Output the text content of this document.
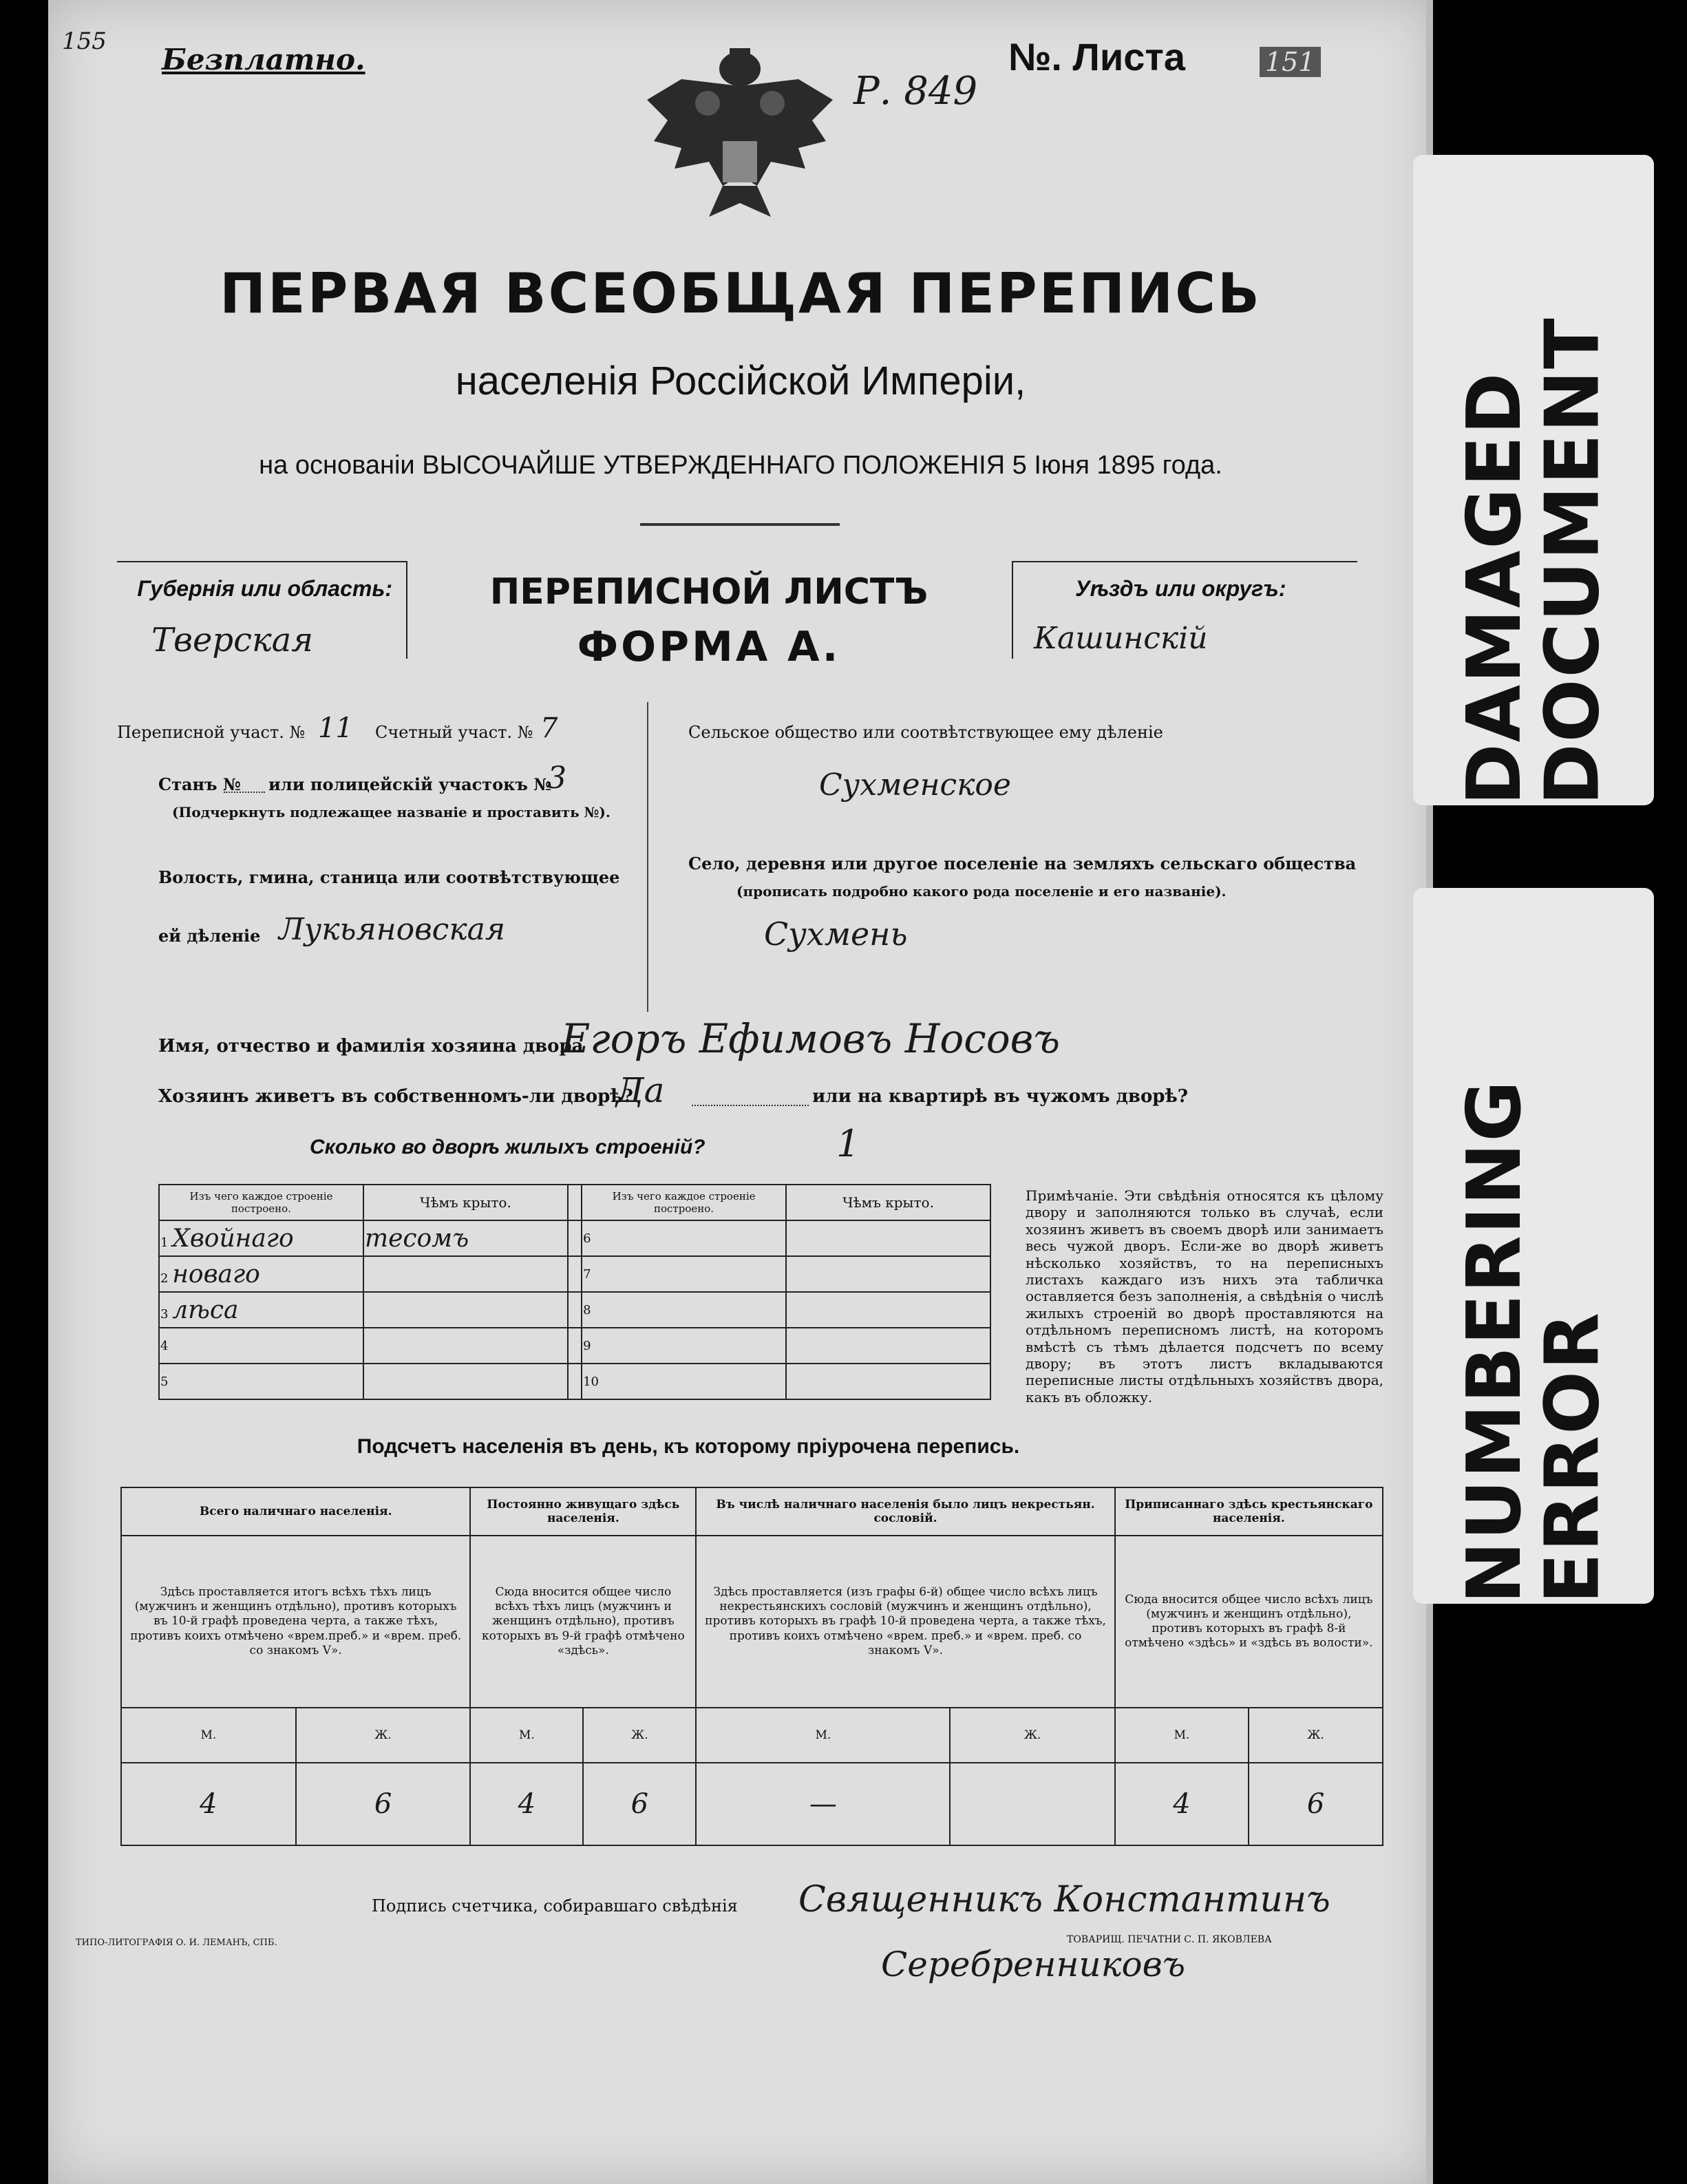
155
Безплатно.	№. Листа	151
Р. 849
ПЕРВАЯ ВСЕОБЩАЯ ПЕРЕПИСЬ
населенія Россійской Имперіи,
на основаніи ВЫСОЧАЙШЕ УТВЕРЖДЕННАГО ПОЛОЖЕНІЯ 5 Іюня 1895 года.
Губернія или область:
Тверская
ПЕРЕПИСНОЙ ЛИСТЪ
ФОРМА А.
Уѣздъ или округъ:
Кашинскій
Переписной участ. № 11 Счетный участ. № 7
Станъ № или полицейскій участокъ №
3
(Подчеркнуть подлежащее названіе и проставить №).
Волость, гмина, станица или соотвѣтствующее
ей дѣленіе Лукьяновская
Сельское общество или соотвѣтствующее ему дѣленіе
Сухменское
Село, деревня или другое поселеніе на земляхъ сельскаго общества
(прописать подробно какого рода поселеніе и его названіе).
Сухмень
Имя, отчество и фамилія хозяина двора
Егоръ Ефимовъ Носовъ
Хозяинъ живетъ въ собственномъ-ли дворѣ?
Да	или на квартирѣ въ чужомъ дворѣ?
Сколько во дворѣ жилыхъ строеній?	1
Изъ чего каждое строеніе построено.	Чѣмъ крыто.		Изъ чего каждое строеніе построено.	Чѣмъ крыто.
1 Хвойнаго	тесомъ		6	
2 новаго			7	
3 лѣса			8	
4			9	
5			10	
Примѣчаніе. Эти свѣдѣнія относятся къ цѣлому двору и заполняются только въ случаѣ, если хозяинъ живетъ въ своемъ дворѣ или занимаетъ весь чужой дворъ. Если-же во дворѣ живетъ нѣсколько хозяйствъ, то на переписныхъ листахъ каждаго изъ нихъ эта табличка оставляется безъ заполненія, а свѣдѣнія о числѣ жилыхъ строеній во дворѣ проставляются на отдѣльномъ переписномъ листѣ, на которомъ вмѣстѣ съ тѣмъ дѣлается подсчетъ по всему двору; въ этотъ листъ вкладываются переписные листы отдѣльныхъ хозяйствъ двора, какъ въ обложку.
Подсчетъ населенія въ день, къ которому пріурочена перепись.
Всего наличнаго населенія.		Постоянно живущаго здѣсь населенія.		Въ числѣ наличнаго населенія было лицъ некрестьян. сословій.		Приписаннаго здѣсь крестьянскаго населенія.	
Здѣсь проставляется итогъ всѣхъ тѣхъ лицъ (мужчинъ и женщинъ отдѣльно), противъ которыхъ въ 10-й графѣ проведена черта, а также тѣхъ, противъ коихъ отмѣчено «врем.преб.» и «врем. преб. со знакомъ V».		Сюда вносится общее число всѣхъ тѣхъ лицъ (мужчинъ и женщинъ отдѣльно), противъ которыхъ въ 9-й графѣ отмѣчено «здѣсь».		Здѣсь проставляется (изъ графы 6-й) общее число всѣхъ лицъ некрестьянскихъ сословій (мужчинъ и женщинъ отдѣльно), противъ которыхъ въ графѣ 10-й проведена черта, а также тѣхъ, противъ коихъ отмѣчено «врем. преб.» и «врем. преб. со знакомъ V».		Сюда вносится общее число всѣхъ лицъ (мужчинъ и женщинъ отдѣльно), противъ которыхъ въ графѣ 8-й отмѣчено «здѣсь» и «здѣсь въ волости».	
М.	Ж.	М.	Ж.	М.	Ж.	М.	Ж.
4	6	4	6	—		4	6
Подпись счетчика, собиравшаго свѣдѣнія Священникъ Константинъ
Серебренниковъ
ТИПО-ЛИТОГРАФІЯ О. И. ЛЕМАНЪ, СПБ.	ТОВАРИЩ. ПЕЧАТНИ С. П. ЯКОВЛЕВА
DAMAGED DOCUMENT
NUMBERING ERROR
